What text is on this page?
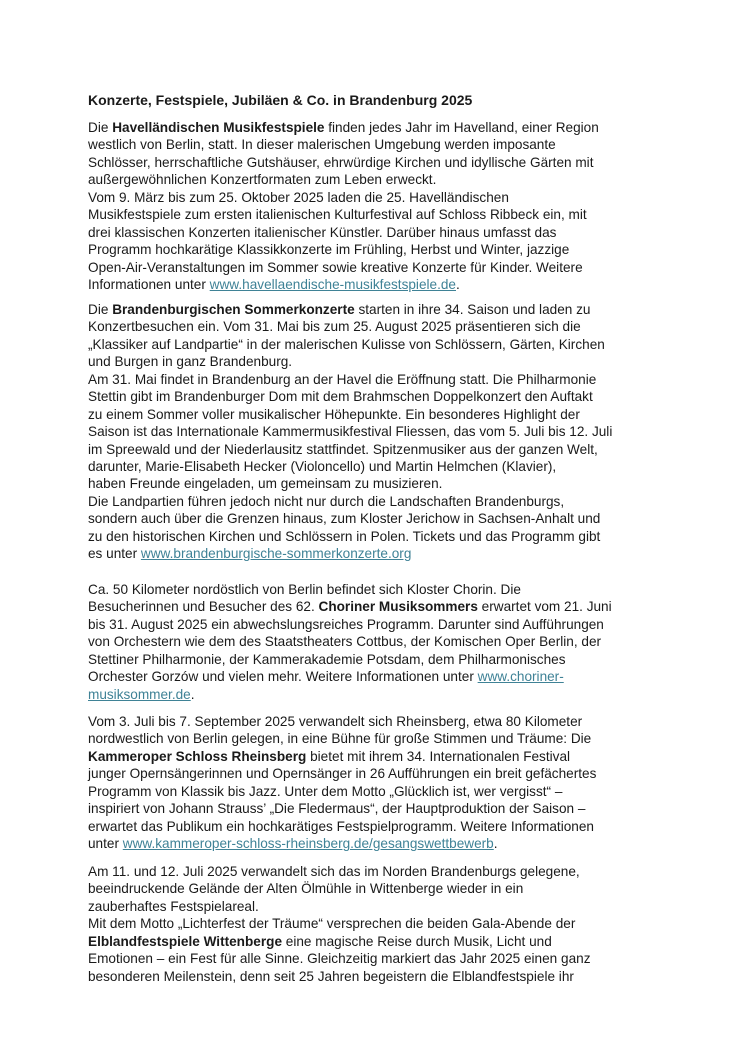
Konzerte, Festspiele, Jubiläen & Co. in Brandenburg 2025
Die Havelländischen Musikfestspiele finden jedes Jahr im Havelland, einer Region
westlich von Berlin, statt. In dieser malerischen Umgebung werden imposante
Schlösser, herrschaftliche Gutshäuser, ehrwürdige Kirchen und idyllische Gärten mit
außergewöhnlichen Konzertformaten zum Leben erweckt.
Vom 9. März bis zum 25. Oktober 2025 laden die 25. Havelländischen
Musikfestspiele zum ersten italienischen Kulturfestival auf Schloss Ribbeck ein, mit
drei klassischen Konzerten italienischer Künstler. Darüber hinaus umfasst das
Programm hochkarätige Klassikkonzerte im Frühling, Herbst und Winter, jazzige
Open-Air-Veranstaltungen im Sommer sowie kreative Konzerte für Kinder. Weitere
Informationen unter www.havellaendische-musikfestspiele.de.
Die Brandenburgischen Sommerkonzerte starten in ihre 34. Saison und laden zu
Konzertbesuchen ein. Vom 31. Mai bis zum 25. August 2025 präsentieren sich die
„Klassiker auf Landpartie“ in der malerischen Kulisse von Schlössern, Gärten, Kirchen
und Burgen in ganz Brandenburg.
Am 31. Mai findet in Brandenburg an der Havel die Eröffnung statt. Die Philharmonie
Stettin gibt im Brandenburger Dom mit dem Brahmschen Doppelkonzert den Auftakt
zu einem Sommer voller musikalischer Höhepunkte. Ein besonderes Highlight der
Saison ist das Internationale Kammermusikfestival Fliessen, das vom 5. Juli bis 12. Juli
im Spreewald und der Niederlausitz stattfindet. Spitzenmusiker aus der ganzen Welt,
darunter, Marie-Elisabeth Hecker (Violoncello) und Martin Helmchen (Klavier),
haben Freunde eingeladen, um gemeinsam zu musizieren.
Die Landpartien führen jedoch nicht nur durch die Landschaften Brandenburgs,
sondern auch über die Grenzen hinaus, zum Kloster Jerichow in Sachsen-Anhalt und
zu den historischen Kirchen und Schlössern in Polen. Tickets und das Programm gibt
es unter www.brandenburgische-sommerkonzerte.org
Ca. 50 Kilometer nordöstlich von Berlin befindet sich Kloster Chorin. Die
Besucherinnen und Besucher des 62. Choriner Musiksommers erwartet vom 21. Juni
bis 31. August 2025 ein abwechslungsreiches Programm. Darunter sind Aufführungen
von Orchestern wie dem des Staatstheaters Cottbus, der Komischen Oper Berlin, der
Stettiner Philharmonie, der Kammerakademie Potsdam, dem Philharmonisches
Orchester Gorzów und vielen mehr. Weitere Informationen unter www.choriner-
musiksommer.de.
Vom 3. Juli bis 7. September 2025 verwandelt sich Rheinsberg, etwa 80 Kilometer
nordwestlich von Berlin gelegen, in eine Bühne für große Stimmen und Träume: Die
Kammeroper Schloss Rheinsberg bietet mit ihrem 34. Internationalen Festival
junger Opernsängerinnen und Opernsänger in 26 Aufführungen ein breit gefächertes
Programm von Klassik bis Jazz. Unter dem Motto „Glücklich ist, wer vergisst“ –
inspiriert von Johann Strauss’ „Die Fledermaus“, der Hauptproduktion der Saison –
erwartet das Publikum ein hochkarätiges Festspielprogramm. Weitere Informationen
unter www.kammeroper-schloss-rheinsberg.de/gesangswettbewerb.
Am 11. und 12. Juli 2025 verwandelt sich das im Norden Brandenburgs gelegene,
beeindruckende Gelände der Alten Ölmühle in Wittenberge wieder in ein
zauberhaftes Festspielareal.
Mit dem Motto „Lichterfest der Träume“ versprechen die beiden Gala-Abende der
Elblandfestspiele Wittenberge eine magische Reise durch Musik, Licht und
Emotionen – ein Fest für alle Sinne. Gleichzeitig markiert das Jahr 2025 einen ganz
besonderen Meilenstein, denn seit 25 Jahren begeistern die Elblandfestspiele ihr
